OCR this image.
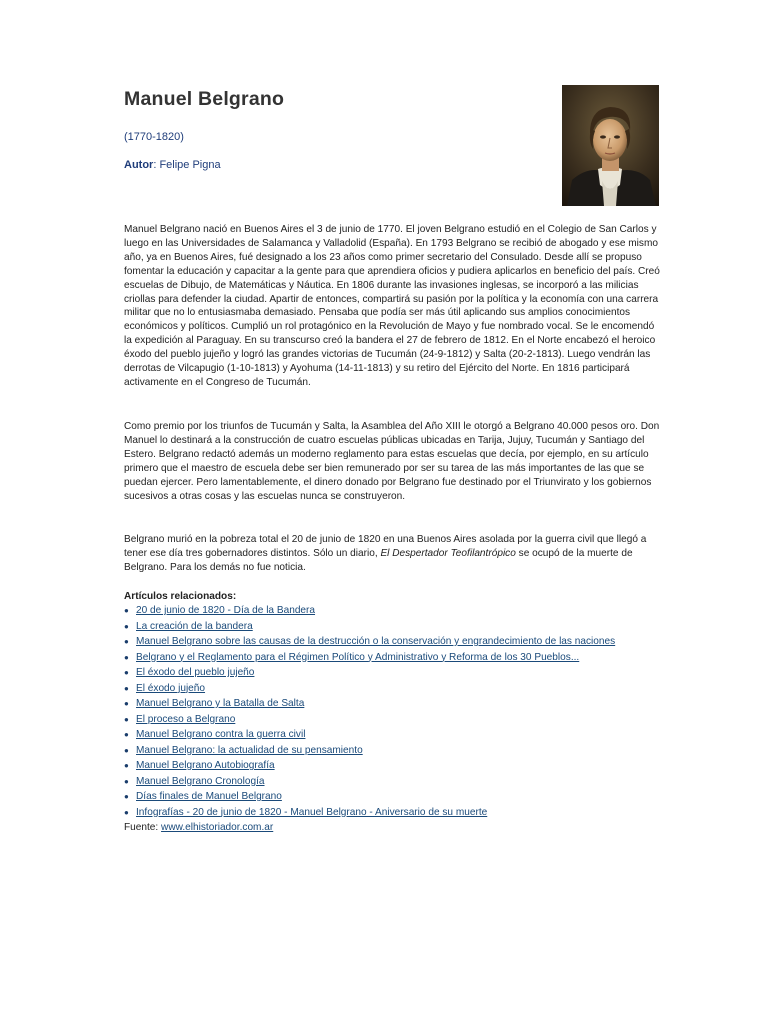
Manuel Belgrano
(1770-1820)
Autor: Felipe Pigna
Manuel Belgrano nació en Buenos Aires el 3 de junio de 1770. El joven Belgrano estudió en el Colegio de San Carlos y luego en las Universidades de Salamanca y Valladolid (España). En 1793 Belgrano se recibió de abogado y ese mismo año, ya en Buenos Aires, fué designado a los 23 años como primer secretario del Consulado. Desde allí se propuso fomentar la educación y capacitar a la gente para que aprendiera oficios y pudiera aplicarlos en beneficio del país. Creó escuelas de Dibujo, de Matemáticas y Náutica. En 1806 durante las invasiones inglesas, se incorporó a las milicias criollas para defender la ciudad. Apartir de entonces, compartirá su pasión por la política y la economía con una carrera militar que no lo entusiasmaba demasiado. Pensaba que podía ser más útil aplicando sus amplios conocimientos económicos y políticos. Cumplió un rol protagónico en la Revolución de Mayo y fue nombrado vocal. Se le encomendó la expedición al Paraguay. En su transcurso creó la bandera el 27 de febrero de 1812. En el Norte encabezó el heroico éxodo del pueblo jujeño y logró las grandes victorias de Tucumán (24-9-1812) y Salta (20-2-1813). Luego vendrán las derrotas de Vilcapugio (1-10-1813) y Ayohuma (14-11-1813) y su retiro del Ejército del Norte. En 1816 participará activamente en el Congreso de Tucumán.
Como premio por los triunfos de Tucumán y Salta, la Asamblea del Año XIII le otorgó a Belgrano 40.000 pesos oro. Don Manuel lo destinará a la construcción de cuatro escuelas públicas ubicadas en Tarija, Jujuy, Tucumán y Santiago del Estero. Belgrano redactó además un moderno reglamento para estas escuelas que decía, por ejemplo, en su artículo primero que el maestro de escuela debe ser bien remunerado por ser su tarea de las más importantes de las que se puedan ejercer. Pero lamentablemente, el dinero donado por Belgrano fue destinado por el Triunvirato y los gobiernos sucesivos a otras cosas y las escuelas nunca se construyeron.
Belgrano murió en la pobreza total el 20 de junio de 1820 en una Buenos Aires asolada por la guerra civil que llegó a tener ese día tres gobernadores distintos. Sólo un diario, El Despertador Teofilantrópico se ocupó de la muerte de Belgrano. Para los demás no fue noticia.
Artículos relacionados:
● 20 de junio de 1820 - Día de la Bandera
● La creación de la bandera
● Manuel Belgrano sobre las causas de la destrucción o la conservación y engrandecimiento de las naciones
● Belgrano y el Reglamento para el Régimen Político y Administrativo y Reforma de los 30 Pueblos...
● El éxodo del pueblo jujeño
● El éxodo jujeño
● Manuel Belgrano y la Batalla de Salta
● El proceso a Belgrano
● Manuel Belgrano contra la guerra civil
● Manuel Belgrano: la actualidad de su pensamiento
● Manuel Belgrano Autobiografía
● Manuel Belgrano Cronología
● Días finales de Manuel Belgrano
● Infografías - 20 de junio de 1820 - Manuel Belgrano - Aniversario de su muerte
Fuente: www.elhistoriador.com.ar
